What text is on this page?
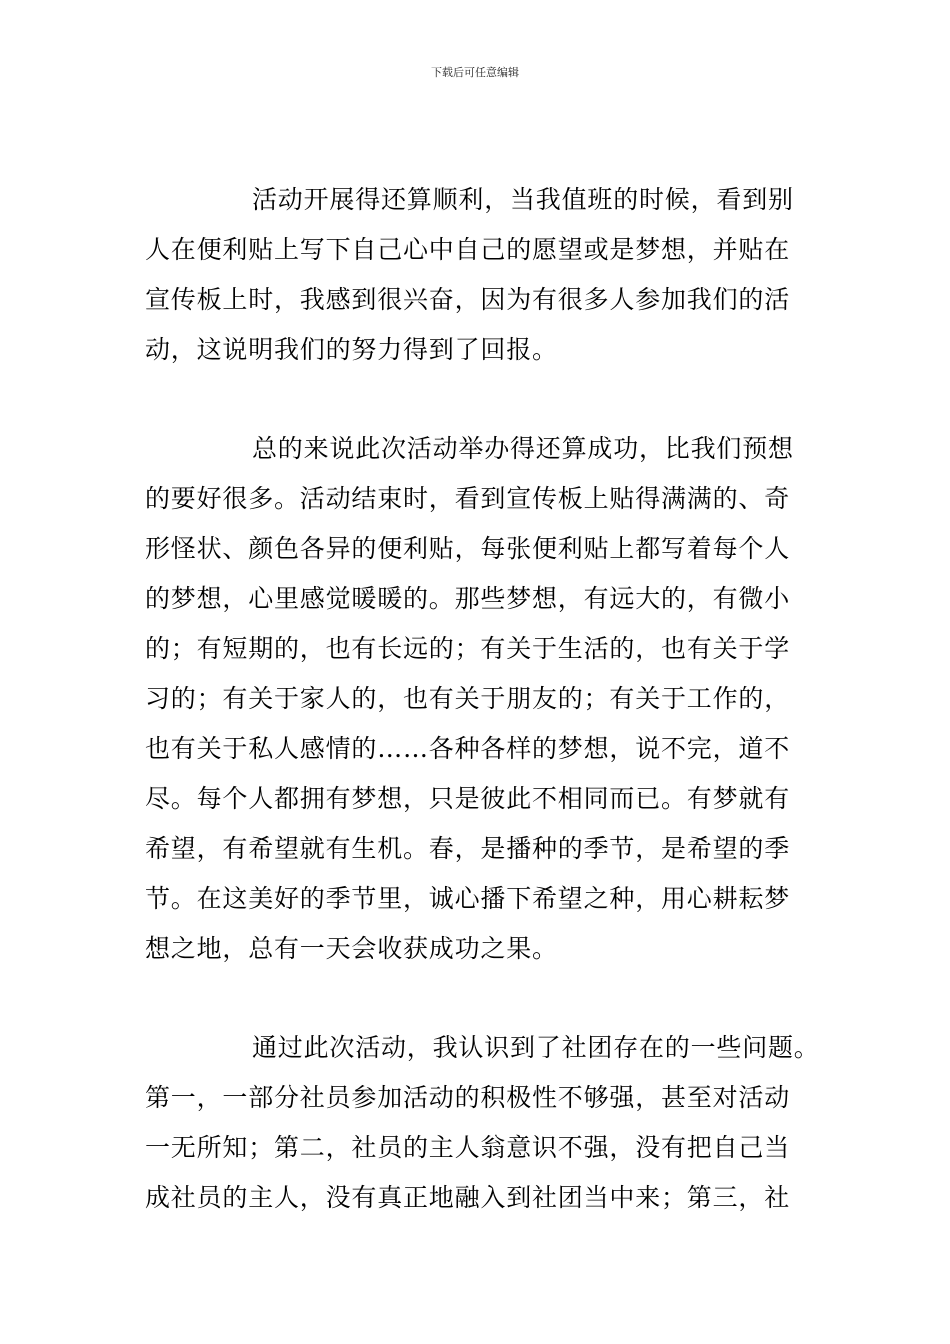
下载后可任意编辑
活动开展得还算顺利，当我值班的时候，看到别
人在便利贴上写下自己心中自己的愿望或是梦想，并贴在
宣传板上时，我感到很兴奋，因为有很多人参加我们的活
动，这说明我们的努力得到了回报。
总的来说此次活动举办得还算成功，比我们预想
的要好很多。活动结束时，看到宣传板上贴得满满的、奇
形怪状、颜色各异的便利贴，每张便利贴上都写着每个人
的梦想，心里感觉暖暖的。那些梦想，有远大的，有微小
的；有短期的，也有长远的；有关于生活的，也有关于学
习的；有关于家人的，也有关于朋友的；有关于工作的，
也有关于私人感情的……各种各样的梦想，说不完，道不
尽。每个人都拥有梦想，只是彼此不相同而已。有梦就有
希望，有希望就有生机。春，是播种的季节，是希望的季
节。在这美好的季节里，诚心播下希望之种，用心耕耘梦
想之地，总有一天会收获成功之果。
通过此次活动，我认识到了社团存在的一些问题。
第一，一部分社员参加活动的积极性不够强，甚至对活动
一无所知；第二，社员的主人翁意识不强，没有把自己当
成社员的主人，没有真正地融入到社团当中来；第三，社
